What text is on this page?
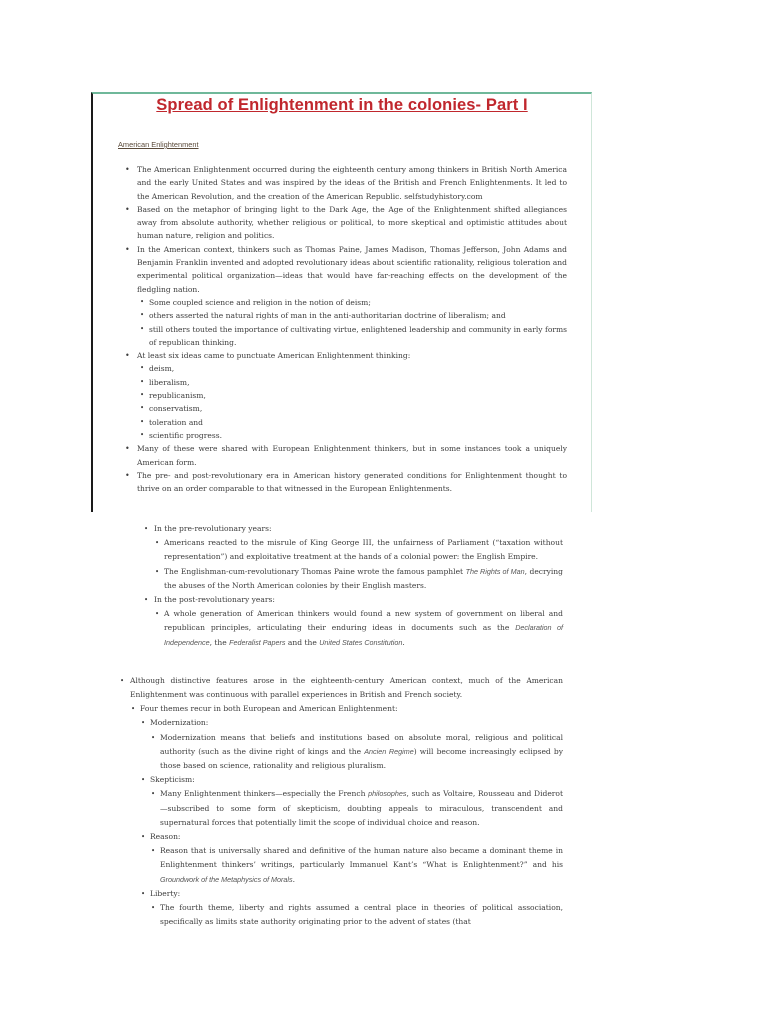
Spread of Enlightenment in the colonies- Part I
American Enlightenment
• The American Enlightenment occurred during the eighteenth century among thinkers in British North America and the early United States and was inspired by the ideas of the British and French Enlightenments. It led to the American Revolution, and the creation of the American Republic. selfstudyhistory.com
• Based on the metaphor of bringing light to the Dark Age, the Age of the Enlightenment shifted allegiances away from absolute authority, whether religious or political, to more skeptical and optimistic attitudes about human nature, religion and politics.
• In the American context, thinkers such as Thomas Paine, James Madison, Thomas Jefferson, John Adams and Benjamin Franklin invented and adopted revolutionary ideas about scientific rationality, religious toleration and experimental political organization—ideas that would have far-reaching effects on the development of the fledgling nation.
• Some coupled science and religion in the notion of deism;
• others asserted the natural rights of man in the anti-authoritarian doctrine of liberalism; and
• still others touted the importance of cultivating virtue, enlightened leadership and community in early forms of republican thinking.
• At least six ideas came to punctuate American Enlightenment thinking:
• deism,
• liberalism,
• republicanism,
• conservatism,
• toleration and
• scientific progress.
• Many of these were shared with European Enlightenment thinkers, but in some instances took a uniquely American form.
• The pre- and post-revolutionary era in American history generated conditions for Enlightenment thought to thrive on an order comparable to that witnessed in the European Enlightenments.
• In the pre-revolutionary years:
• Americans reacted to the misrule of King George III, the unfairness of Parliament (“taxation without representation”) and exploitative treatment at the hands of a colonial power: the English Empire.
• The Englishman-cum-revolutionary Thomas Paine wrote the famous pamphlet The Rights of Man, decrying the abuses of the North American colonies by their English masters.
• In the post-revolutionary years:
• A whole generation of American thinkers would found a new system of government on liberal and republican principles, articulating their enduring ideas in documents such as the Declaration of Independence, the Federalist Papers and the United States Constitution.
• Although distinctive features arose in the eighteenth-century American context, much of the American Enlightenment was continuous with parallel experiences in British and French society.
• Four themes recur in both European and American Enlightenment:
• Modernization:
• Modernization means that beliefs and institutions based on absolute moral, religious and political authority (such as the divine right of kings and the Ancien Regime) will become increasingly eclipsed by those based on science, rationality and religious pluralism.
• Skepticism:
• Many Enlightenment thinkers—especially the French philosophes, such as Voltaire, Rousseau and Diderot—subscribed to some form of skepticism, doubting appeals to miraculous, transcendent and supernatural forces that potentially limit the scope of individual choice and reason.
• Reason:
• Reason that is universally shared and definitive of the human nature also became a dominant theme in Enlightenment thinkers’ writings, particularly Immanuel Kant’s “What is Enlightenment?” and his Groundwork of the Metaphysics of Morals.
• Liberty:
• The fourth theme, liberty and rights assumed a central place in theories of political association, specifically as limits state authority originating prior to the advent of states (that
